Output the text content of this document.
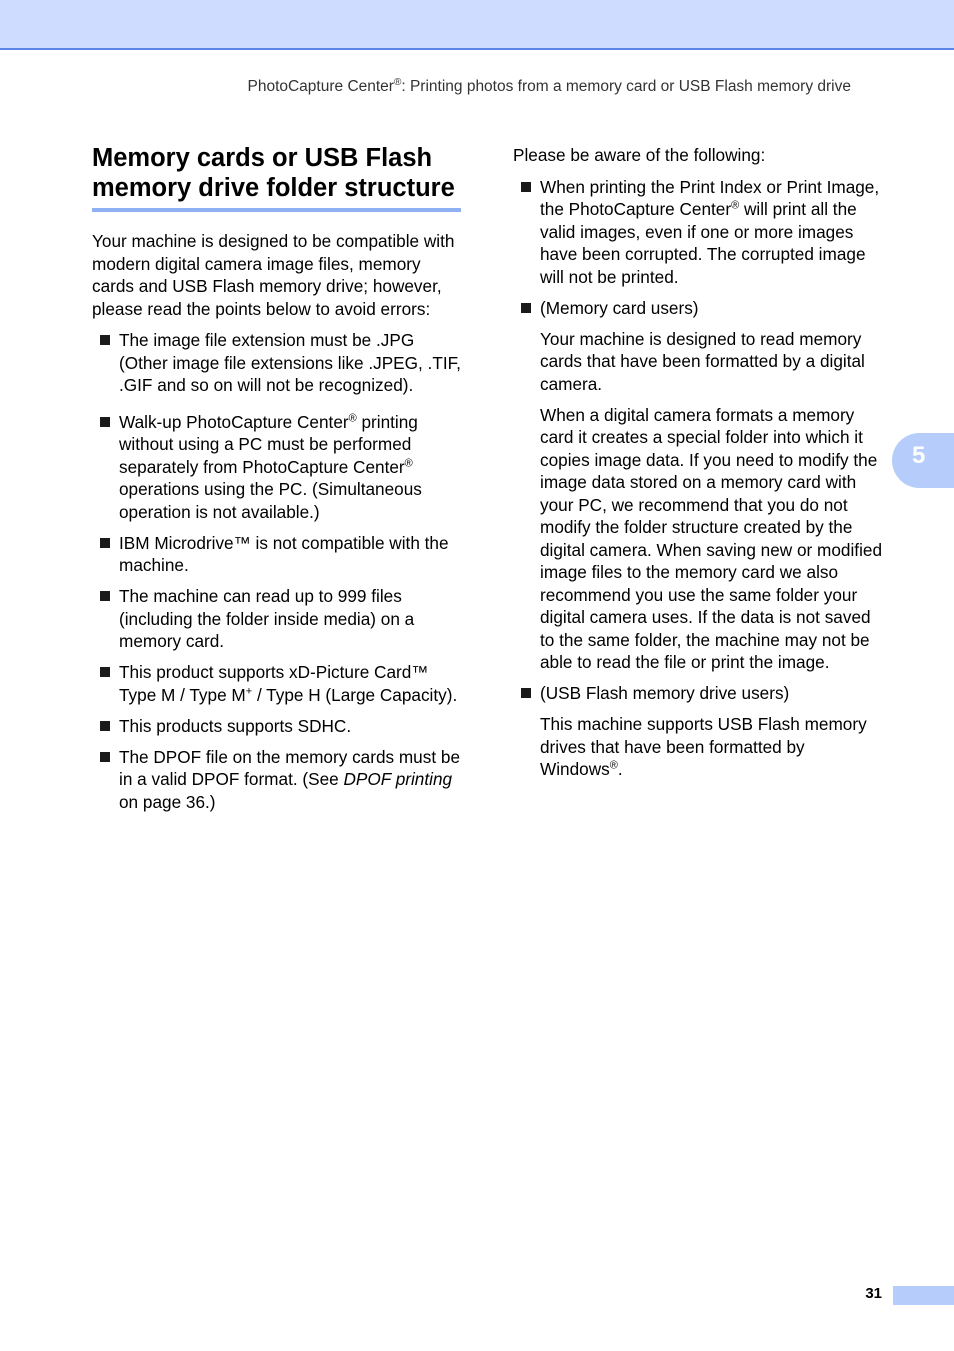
PhotoCapture Center®: Printing photos from a memory card or USB Flash memory drive
Memory cards or USB Flash
memory drive folder structure

Your machine is designed to be compatible with modern digital camera image files, memory cards and USB Flash memory drive; however, please read the points below to avoid errors:

The image file extension must be .JPG (Other image file extensions like .JPEG, .TIF, .GIF and so on will not be recognized).
Walk-up PhotoCapture Center® printing without using a PC must be performed separately from PhotoCapture Center® operations using the PC. (Simultaneous operation is not available.)
IBM Microdrive™ is not compatible with the machine.
The machine can read up to 999 files (including the folder inside media) on a memory card.
This product supports xD-Picture Card™ Type M / Type M+ / Type H (Large Capacity).
This products supports SDHC.
The DPOF file on the memory cards must be in a valid DPOF format. (See DPOF printing on page 36.)

Please be aware of the following:

When printing the Print Index or Print Image, the PhotoCapture Center® will print all the valid images, even if one or more images have been corrupted. The corrupted image will not be printed.
(Memory card users)

Your machine is designed to read memory cards that have been formatted by a digital camera.

When a digital camera formats a memory card it creates a special folder into which it copies image data. If you need to modify the image data stored on a memory card with your PC, we recommend that you do not modify the folder structure created by the digital camera. When saving new or modified image files to the memory card we also recommend you use the same folder your digital camera uses. If the data is not saved to the same folder, the machine may not be able to read the file or print the image.

(USB Flash memory drive users)

This machine supports USB Flash memory drives that have been formatted by Windows®.

5
31
